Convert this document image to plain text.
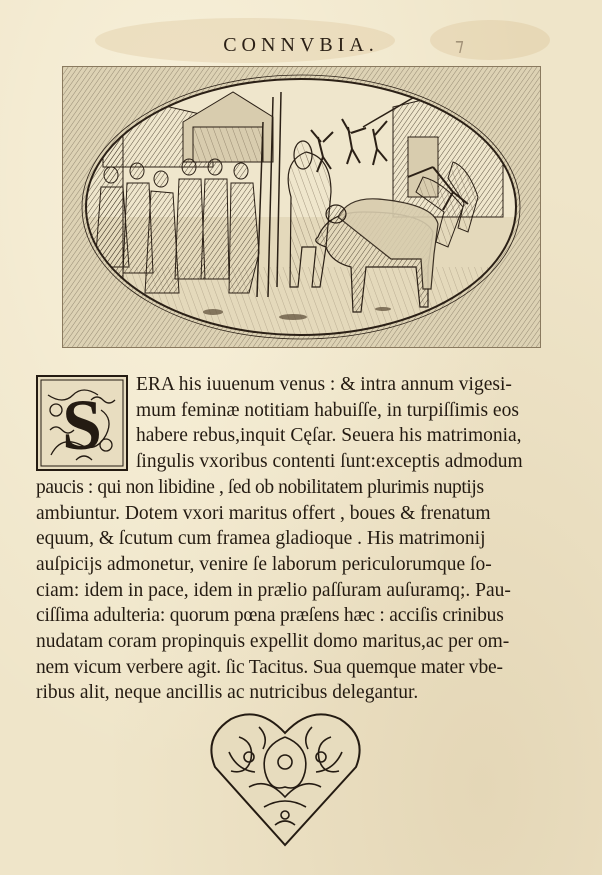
CONNVBIA.	⁊
S
ERA his iuuenum venus : & intra annum vigesi-
mum feminæ notitiam habuiſſe, in turpiſſimis eos
habere rebus,inquit Cęſar. Seuera his matrimonia,
ſingulis vxoribus contenti ſunt:exceptis admodum
paucis : qui non libidine , ſed ob nobilitatem plurimis nuptijs
ambiuntur. Dotem vxori maritus offert , boues & frenatum
equum, & ſcutum cum framea gladioque . His matrimonij
auſpicijs admonetur, venire ſe laborum periculorumque ſo-
ciam: idem in pace, idem in prælio paſſuram auſuramq;. Pau-
ciſſima adulteria: quorum pœna præſens hæc : acciſis crinibus
nudatam coram propinquis expellit domo maritus,ac per om-
nem vicum verbere agit. ſic Tacitus. Sua quemque mater vbe-
ribus alit, neque ancillis ac nutricibus delegantur.
